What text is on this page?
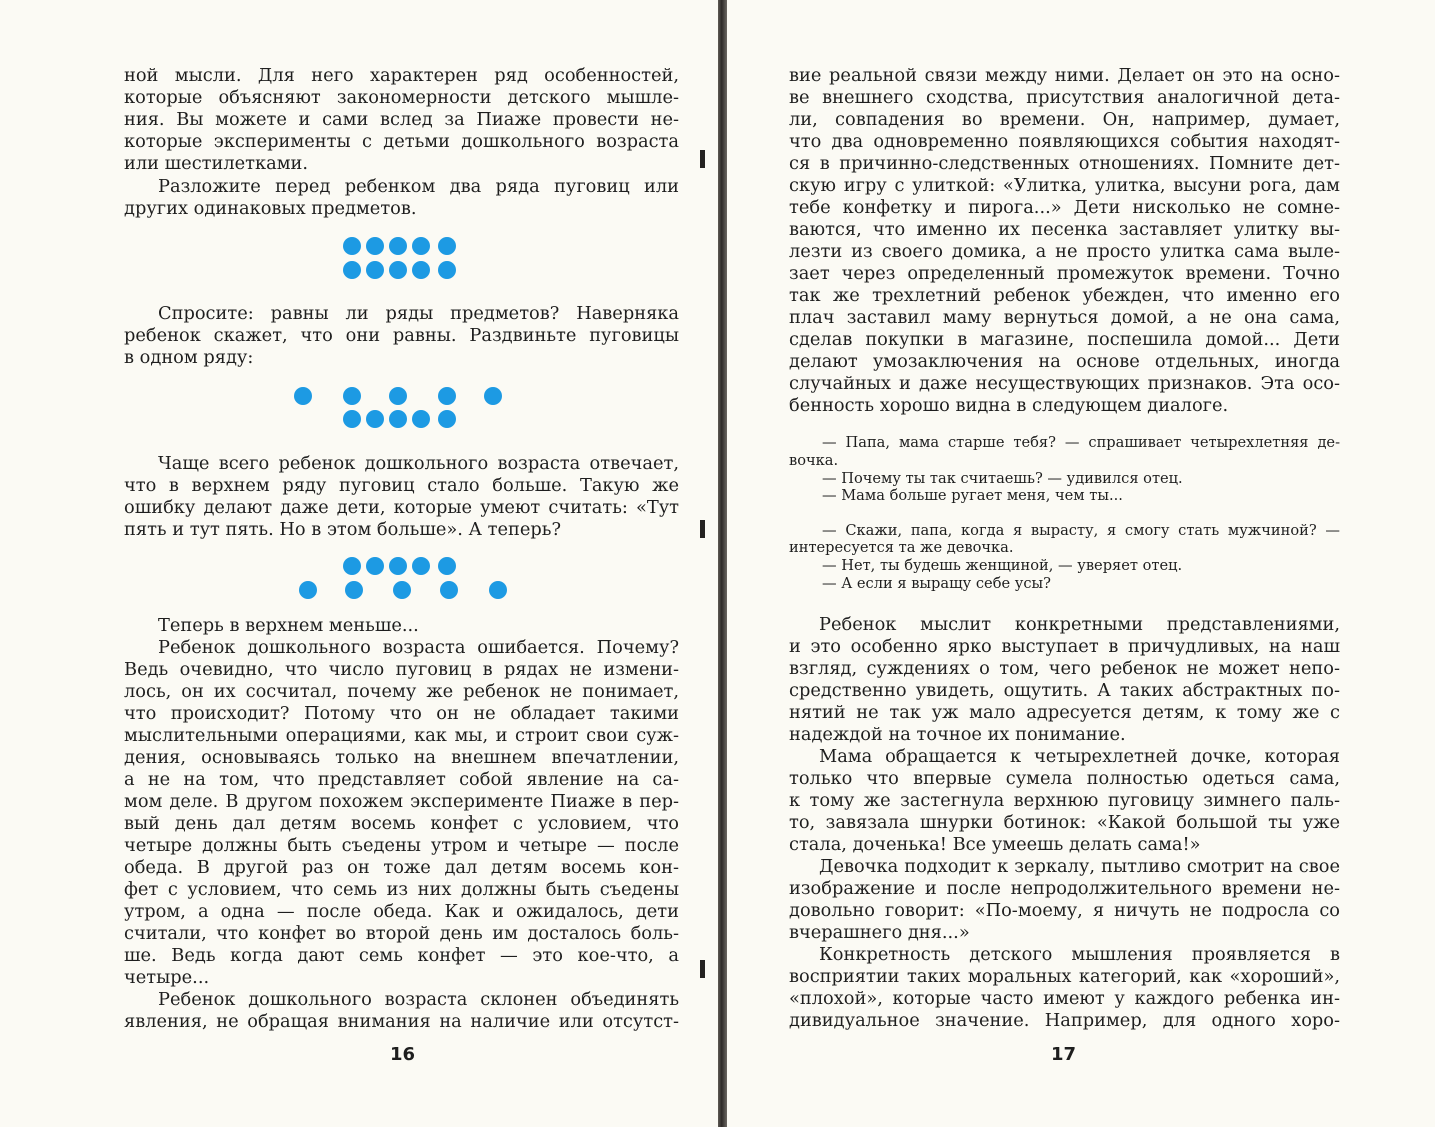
ной мысли. Для него характерен ряд особенностей,
которые объясняют закономерности детского мышле-
ния. Вы можете и сами вслед за Пиаже провести не-
которые эксперименты с детьми дошкольного возраста
или шестилетками.
Разложите перед ребенком два ряда пуговиц или
других одинаковых предметов.
Спросите: равны ли ряды предметов? Наверняка
ребенок скажет, что они равны. Раздвиньте пуговицы
в одном ряду:
Чаще всего ребенок дошкольного возраста отвечает,
что в верхнем ряду пуговиц стало больше. Такую же
ошибку делают даже дети, которые умеют считать: «Тут
пять и тут пять. Но в этом больше». А теперь?
Теперь в верхнем меньше...
Ребенок дошкольного возраста ошибается. Почему?
Ведь очевидно, что число пуговиц в рядах не измени-
лось, он их сосчитал, почему же ребенок не понимает,
что происходит? Потому что он не обладает такими
мыслительными операциями, как мы, и строит свои суж-
дения, основываясь только на внешнем впечатлении,
а не на том, что представляет собой явление на са-
мом деле. В другом похожем эксперименте Пиаже в пер-
вый день дал детям восемь конфет с условием, что
четыре должны быть съедены утром и четыре — после
обеда. В другой раз он тоже дал детям восемь кон-
фет с условием, что семь из них должны быть съедены
утром, а одна — после обеда. Как и ожидалось, дети
считали, что конфет во второй день им досталось боль-
ше. Ведь когда дают семь конфет — это кое-что, а
четыре...
Ребенок дошкольного возраста склонен объединять
явления, не обращая внимания на наличие или отсутст-
16
вие реальной связи между ними. Делает он это на осно-
ве внешнего сходства, присутствия аналогичной дета-
ли, совпадения во времени. Он, например, думает,
что два одновременно появляющихся события находят-
ся в причинно-следственных отношениях. Помните дет-
скую игру с улиткой: «Улитка, улитка, высуни рога, дам
тебе конфетку и пирога...» Дети нисколько не сомне-
ваются, что именно их песенка заставляет улитку вы-
лезти из своего домика, а не просто улитка сама выле-
зает через определенный промежуток времени. Точно
так же трехлетний ребенок убежден, что именно его
плач заставил маму вернуться домой, а не она сама,
сделав покупки в магазине, поспешила домой... Дети
делают умозаключения на основе отдельных, иногда
случайных и даже несуществующих признаков. Эта осо-
бенность хорошо видна в следующем диалоге.
— Папа, мама старше тебя? — спрашивает четырехлетняя де-
вочка.
— Почему ты так считаешь? — удивился отец.
— Мама больше ругает меня, чем ты...
— Скажи, папа, когда я вырасту, я смогу стать мужчиной? —
интересуется та же девочка.
— Нет, ты будешь женщиной, — уверяет отец.
— А если я выращу себе усы?
Ребенок мыслит конкретными представлениями,
и это особенно ярко выступает в причудливых, на наш
взгляд, суждениях о том, чего ребенок не может непо-
средственно увидеть, ощутить. А таких абстрактных по-
нятий не так уж мало адресуется детям, к тому же с
надеждой на точное их понимание.
Мама обращается к четырехлетней дочке, которая
только что впервые сумела полностью одеться сама,
к тому же застегнула верхнюю пуговицу зимнего паль-
то, завязала шнурки ботинок: «Какой большой ты уже
стала, доченька! Все умеешь делать сама!»
Девочка подходит к зеркалу, пытливо смотрит на свое
изображение и после непродолжительного времени не-
довольно говорит: «По-моему, я ничуть не подросла со
вчерашнего дня...»
Конкретность детского мышления проявляется в
восприятии таких моральных категорий, как «хороший»,
«плохой», которые часто имеют у каждого ребенка ин-
дивидуальное значение. Например, для одного хоро-
17
